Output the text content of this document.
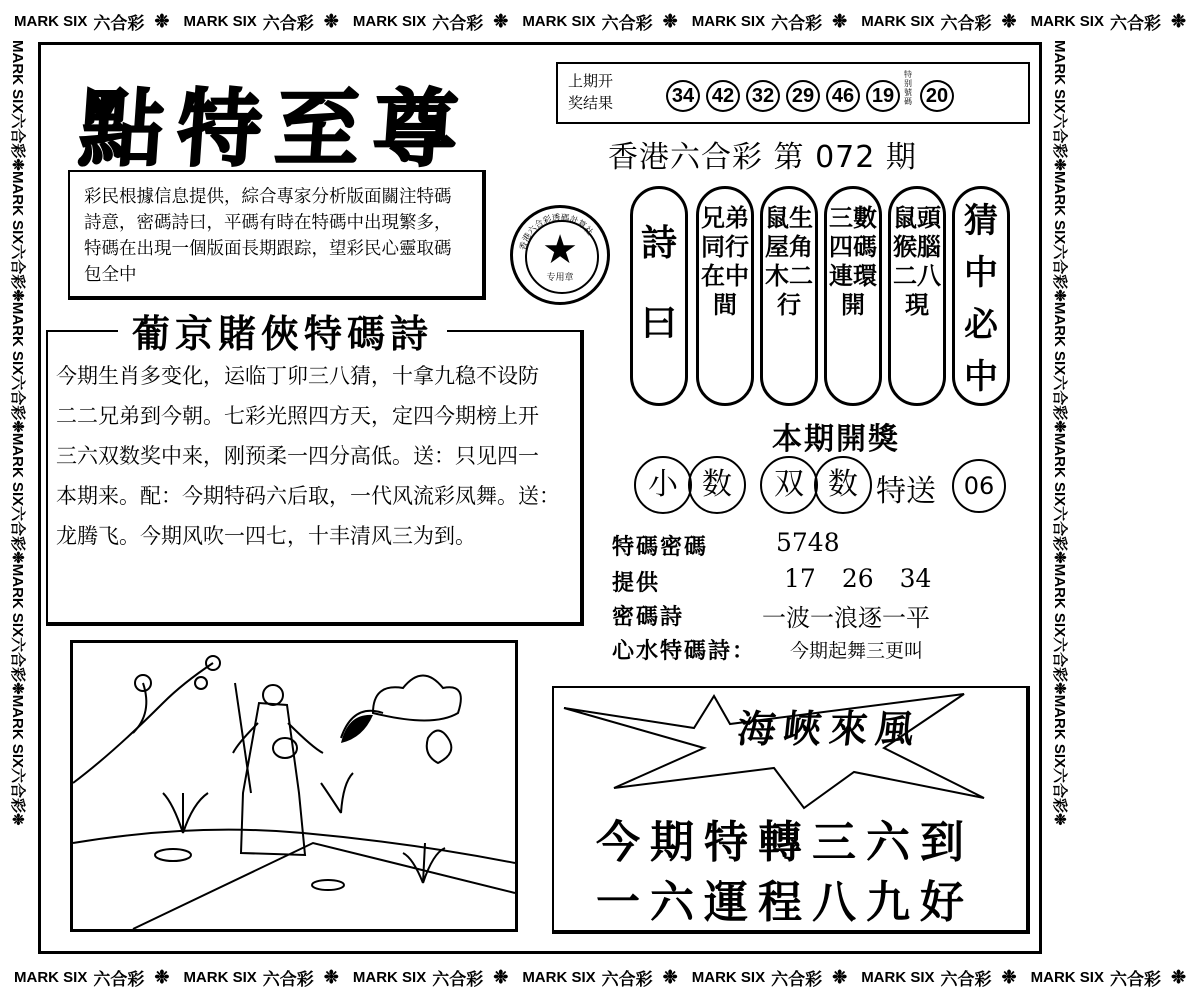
MARK SIX 六合彩 ❉ MARK SIX 六合彩 ❉ MARK SIX 六合彩 ❉ MARK SIX 六合彩 ❉ MARK SIX 六合彩 ❉ MARK SIX 六合彩 ❉ MARK SIX 六合彩 ❉
MARK SIX 六合彩 ❉ MARK SIX 六合彩 ❉ MARK SIX 六合彩 ❉ MARK SIX 六合彩 ❉ MARK SIX 六合彩 ❉ MARK SIX 六合彩 ❉ MARK SIX 六合彩 ❉
MARK SIX六合彩❉
MARK SIX六合彩❉
MARK SIX六合彩❉
MARK SIX六合彩❉
MARK SIX六合彩❉
MARK SIX六合彩❉
MARK SIX六合彩❉
MARK SIX六合彩❉
MARK SIX六合彩❉
MARK SIX六合彩❉
MARK SIX六合彩❉
MARK SIX六合彩❉
點特至尊
彩民根據信息提供，綜合專家分析版面關注特碼詩意，密碼詩曰，平碼有時在特碼中出現繁多，特碼在出現一個版面長期跟踪，望彩民心靈取碼包全中
香港六合彩透碼計算社
★
专用章
葡京賭俠特碼詩
今期生肖多变化，运临丁卯三八猜，十拿九稳不设防
二二兄弟到今朝。七彩光照四方天，定四今期榜上开
三六双数奖中来，刚预柔一四分高低。送：只见四一
本期来。配：今期特码六后取，一代风流彩凤舞。送：
龙腾飞。今期风吹一四七，十丰清风三为到。
上期开
奖结果	34 42 32 29 46 19
特别號碼 20
香港六合彩 第 072 期
詩
曰
兄弟同行在中間
鼠生屋角木二行
三數四碼連環開
鼠頭猴腦二八現
猜中必中
本期開獎
小 数	双 数 特送	06
特碼密碼	5748
提供	17 26 34
密碼詩	一波一浪逐一平
心水特碼詩： 今期起舞三更叫
海峽來風
今期特轉三六到
一六運程八九好
